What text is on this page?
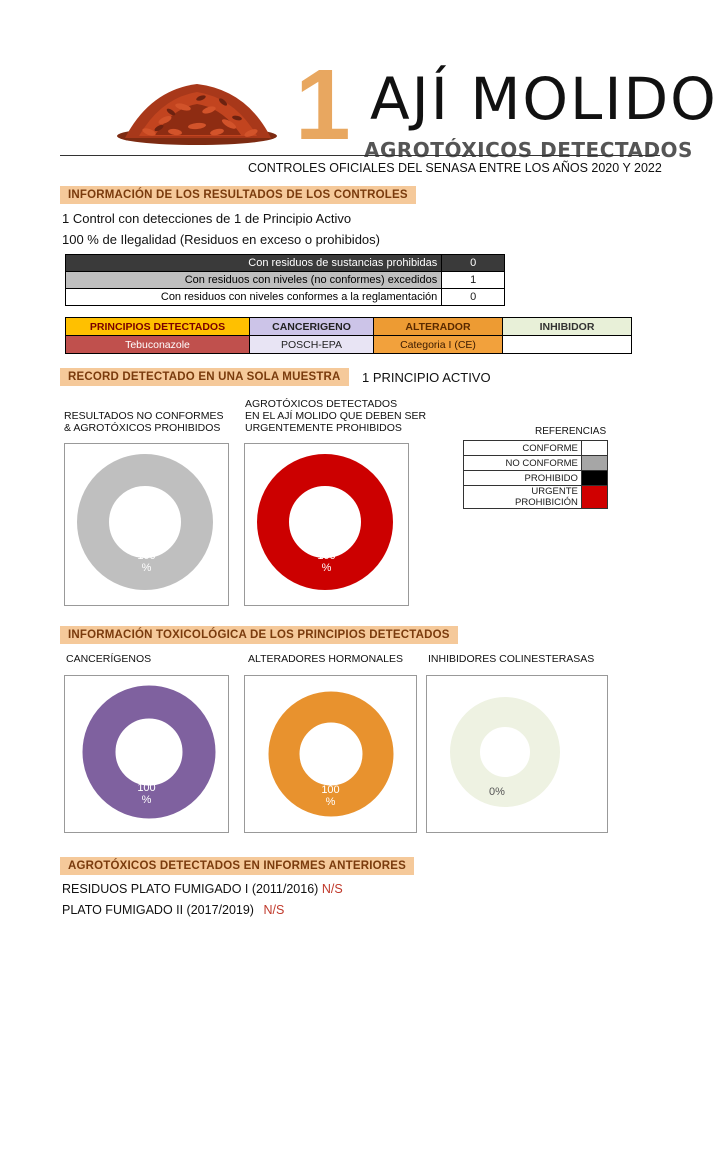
1 AJÍ MOLIDO
AGROTÓXICOS DETECTADOS
CONTROLES OFICIALES DEL SENASA ENTRE LOS AÑOS 2020 Y 2022
INFORMACIÓN DE LOS RESULTADOS DE LOS CONTROLES
1 Control con detecciones de 1 de Principio Activo
100 % de Ilegalidad (Residuos en exceso o prohibidos)
Con residuos de sustancias prohibidas	0
Con residuos con niveles (no conformes) excedidos	1
Con residuos con niveles conformes a la reglamentación	0
PRINCIPIOS DETECTADOS	CANCERIGENO	ALTERADOR	INHIBIDOR
Tebuconazole	POSCH-EPA	Categoria I (CE)	
RECORD DETECTADO EN UNA SOLA MUESTRA	1 PRINCIPIO ACTIVO
RESULTADOS NO CONFORMES
& AGROTÓXICOS PROHIBIDOS
100
%
AGROTÓXICOS DETECTADOS
EN EL AJÍ MOLIDO QUE DEBEN SER
URGENTEMENTE PROHIBIDOS
100
%
REFERENCIAS
CONFORME	
NO CONFORME	
PROHIBIDO	
URGENTE PROHIBICIÓN	
INFORMACIÓN TOXICOLÓGICA DE LOS PRINCIPIOS DETECTADOS
CANCERÍGENOS
100
%
ALTERADORES HORMONALES
100
%
INHIBIDORES COLINESTERASAS
0%
AGROTÓXICOS DETECTADOS EN INFORMES ANTERIORES
RESIDUOS PLATO FUMIGADO I (2011/2016) N/S
PLATO FUMIGADO II (2017/2019) N/S
